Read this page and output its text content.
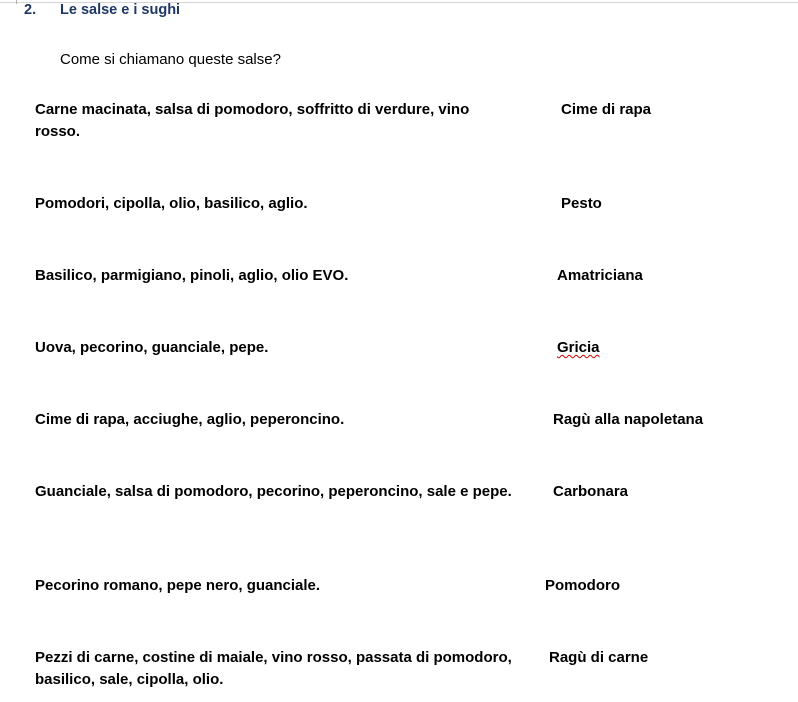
2. Le salse e i sughi
Come si chiamano queste salse?
Carne macinata, salsa di pomodoro, soffritto di verdure, vino rosso.
Pomodori, cipolla, olio, basilico, aglio.
Basilico, parmigiano, pinoli, aglio, olio EVO.
Uova, pecorino, guanciale, pepe.
Cime di rapa, acciughe, aglio, peperoncino.
Guanciale, salsa di pomodoro, pecorino, peperoncino, sale e pepe.
Pecorino romano, pepe nero, guanciale.
Pezzi di carne, costine di maiale, vino rosso, passata di pomodoro, basilico, sale, cipolla, olio.
Cime di rapa
Pesto
Amatriciana
Gricia
Ragù alla napoletana
Carbonara
Pomodoro
Ragù di carne
